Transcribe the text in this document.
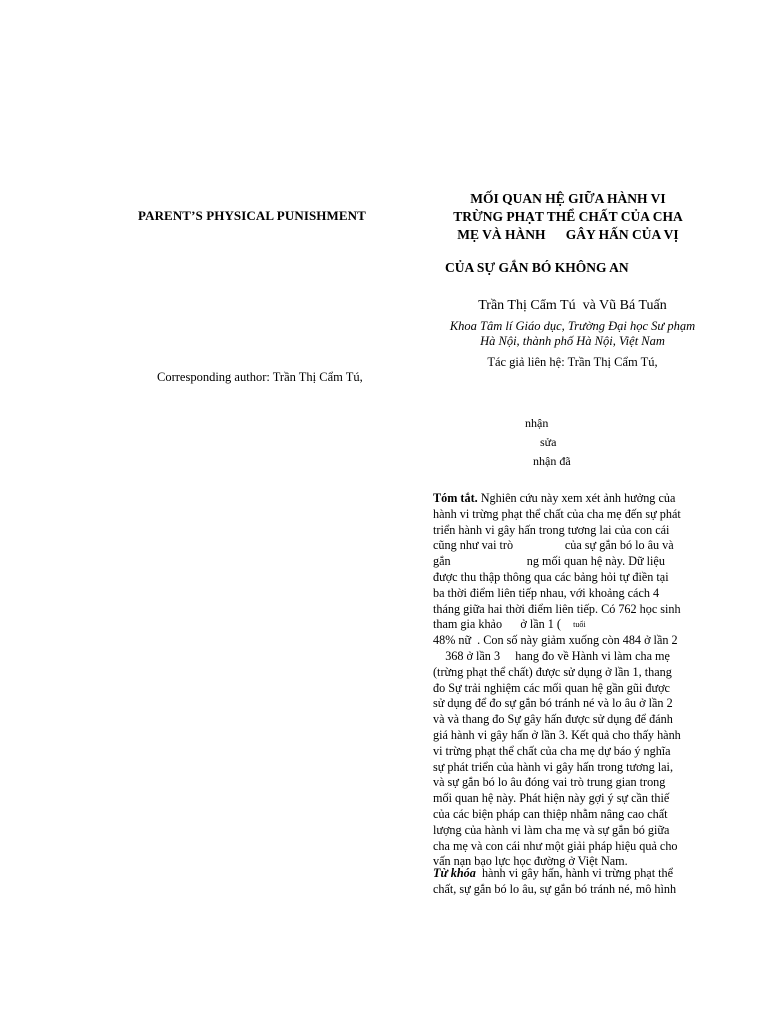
PARENT’S PHYSICAL PUNISHMENT
MỐI QUAN HỆ GIỮA HÀNH VI
TRỪNG PHẠT THỂ CHẤT CỦA CHA
MẸ VÀ HÀNH      GÂY HẤN CỦA VỊ
CỦA SỰ GẮN BÓ KHÔNG AN
Trần Thị Cẩm Tú  và Vũ Bá Tuấn
Khoa Tâm lí Giáo dục, Trường Đại học Sư phạm
Hà Nội, thành phố Hà Nội, Việt Nam
Tác giả liên hệ: Trần Thị Cẩm Tú,
Corresponding author: Trần Thị Cẩm Tú,
nhận
sửa
nhận đã
Tóm tắt. Nghiên cứu này xem xét ảnh hưởng của
hành vi trừng phạt thể chất của cha mẹ đến sự phát
triển hành vi gây hấn trong tương lai của con cái
cũng như vai trò                 của sự gắn bó lo âu và
gắn                         ng mối quan hệ này. Dữ liệu
được thu thập thông qua các bảng hỏi tự điền tại
ba thời điểm liên tiếp nhau, với khoảng cách 4
tháng giữa hai thời điểm liên tiếp. Có 762 học sinh
tham gia khảo      ở lần 1 (    $^{tuổi}$
48% nữ  . Con số này giảm xuống còn 484 ở lần 2
368 ở lần 3     hang đo về Hành vi làm cha mẹ
(trừng phạt thể chất) được sử dụng ở lần 1, thang
đo Sự trải nghiệm các mối quan hệ gần gũi được
sử dụng để đo sự gắn bó tránh né và lo âu ở lần 2
và và thang đo Sự gây hấn được sử dụng để đánh
giá hành vi gây hấn ở lần 3. Kết quả cho thấy hành
vi trừng phạt thể chất của cha mẹ dự báo ý nghĩa
sự phát triển của hành vi gây hấn trong tương lai,
và sự gắn bó lo âu đóng vai trò trung gian trong
mối quan hệ này. Phát hiện này gợi ý sự cần thiế
của các biện pháp can thiệp nhằm nâng cao chất
lượng của hành vi làm cha mẹ và sự gắn bó giữa
cha mẹ và con cái như một giải pháp hiệu quả cho
vấn nạn bạo lực học đường ở Việt Nam.
Từ khóa  hành vi gây hấn, hành vi trừng phạt thể
chất, sự gắn bó lo âu, sự gắn bó tránh né, mô hình
